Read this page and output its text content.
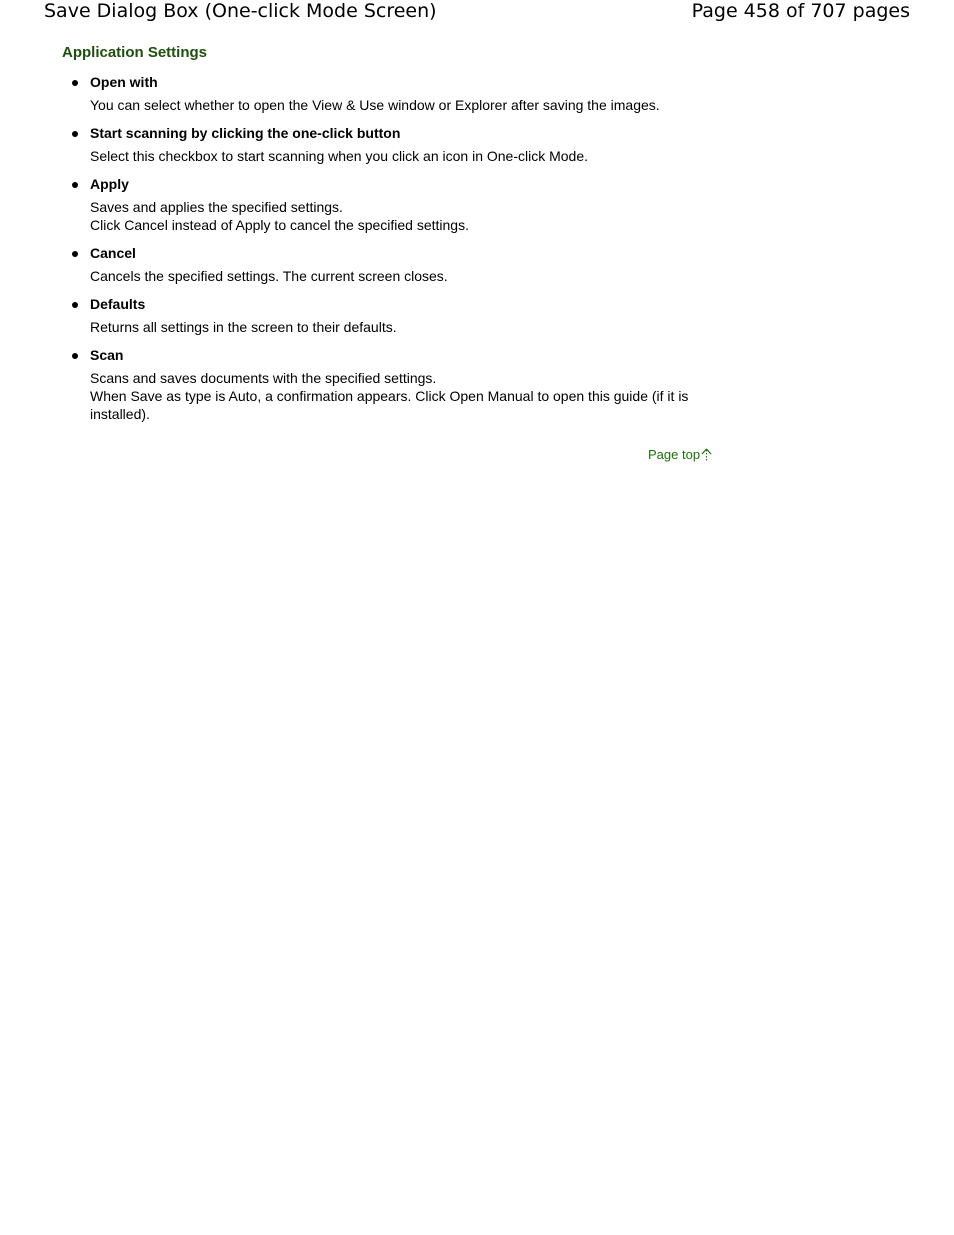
Save Dialog Box (One-click Mode Screen)	Page 458 of 707 pages
Application Settings

Open with

You can select whether to open the View & Use window or Explorer after saving the images.

Start scanning by clicking the one-click button

Select this checkbox to start scanning when you click an icon in One-click Mode.

Apply

Saves and applies the specified settings.
Click Cancel instead of Apply to cancel the specified settings.

Cancel

Cancels the specified settings. The current screen closes.

Defaults

Returns all settings in the screen to their defaults.

Scan

Scans and saves documents with the specified settings.
When Save as type is Auto, a confirmation appears. Click Open Manual to open this guide (if it is installed).

Page top
